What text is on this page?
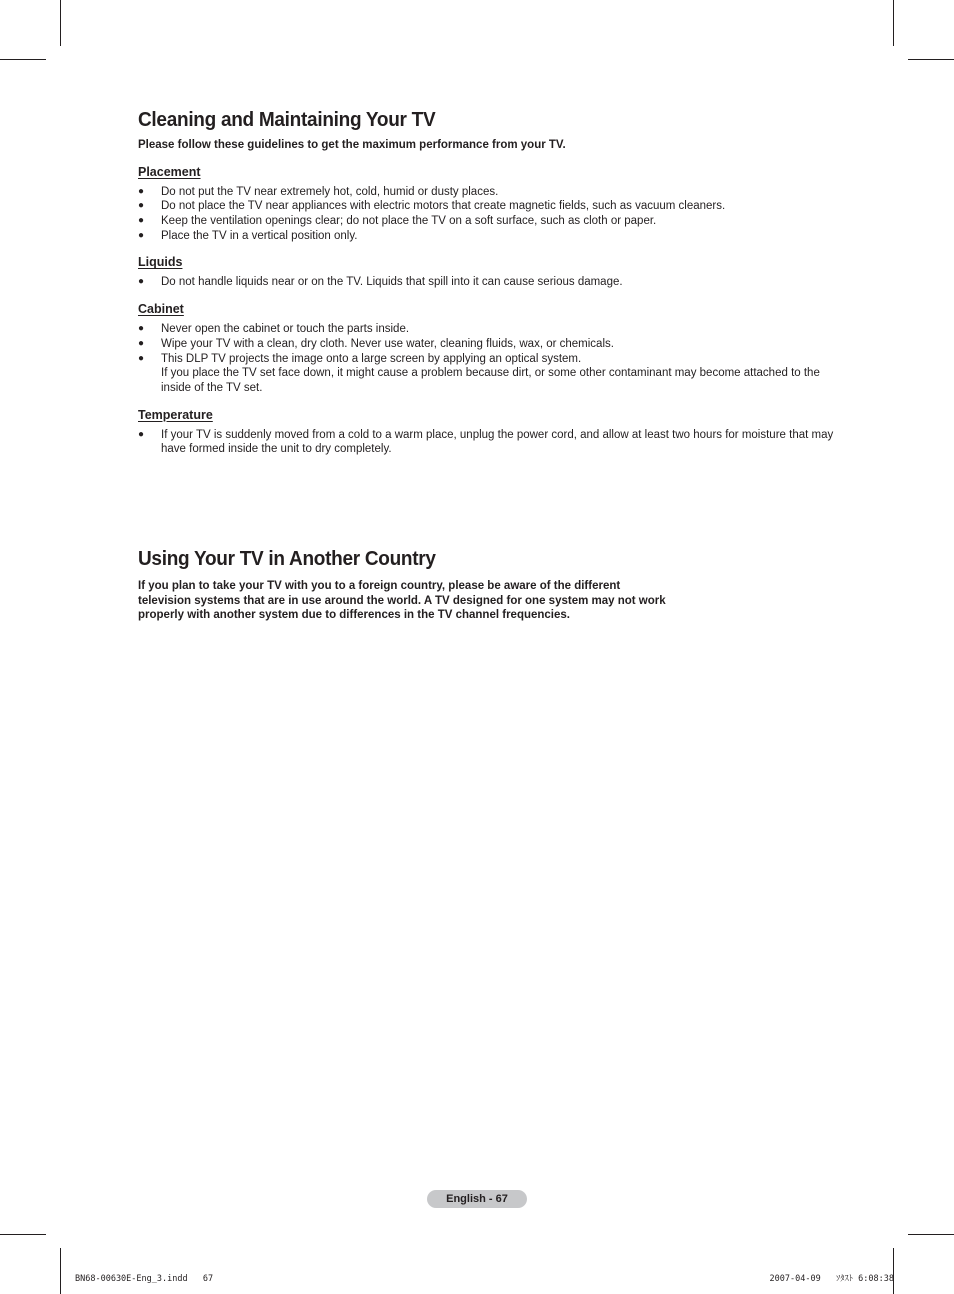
Cleaning and Maintaining Your TV

Please follow these guidelines to get the maximum performance from your TV.

Placement
● Do not put the TV near extremely hot, cold, humid or dusty places.
● Do not place the TV near appliances with electric motors that create magnetic fields, such as vacuum cleaners.
● Keep the ventilation openings clear; do not place the TV on a soft surface, such as cloth or paper.
● Place the TV in a vertical position only.
Liquids
● Do not handle liquids near or on the TV. Liquids that spill into it can cause serious damage.
Cabinet
● Never open the cabinet or touch the parts inside.
● Wipe your TV with a clean, dry cloth. Never use water, cleaning fluids, wax, or chemicals.
● This DLP TV projects the image onto a large screen by applying an optical system.
If you place the TV set face down, it might cause a problem because dirt, or some other contaminant may become attached to the inside of the TV set.
Temperature
● If your TV is suddenly moved from a cold to a warm place, unplug the power cord, and allow at least two hours for moisture that may have formed inside the unit to dry completely.
Using Your TV in Another Country

If you plan to take your TV with you to a foreign country, please be aware of the different
television systems that are in use around the world. A TV designed for one system may not work
properly with another system due to differences in the TV channel frequencies.

English - 67
BN68-00630E-Eng_3.indd   67	2007-04-09   ｿﾀｽﾄ 6:08:38
